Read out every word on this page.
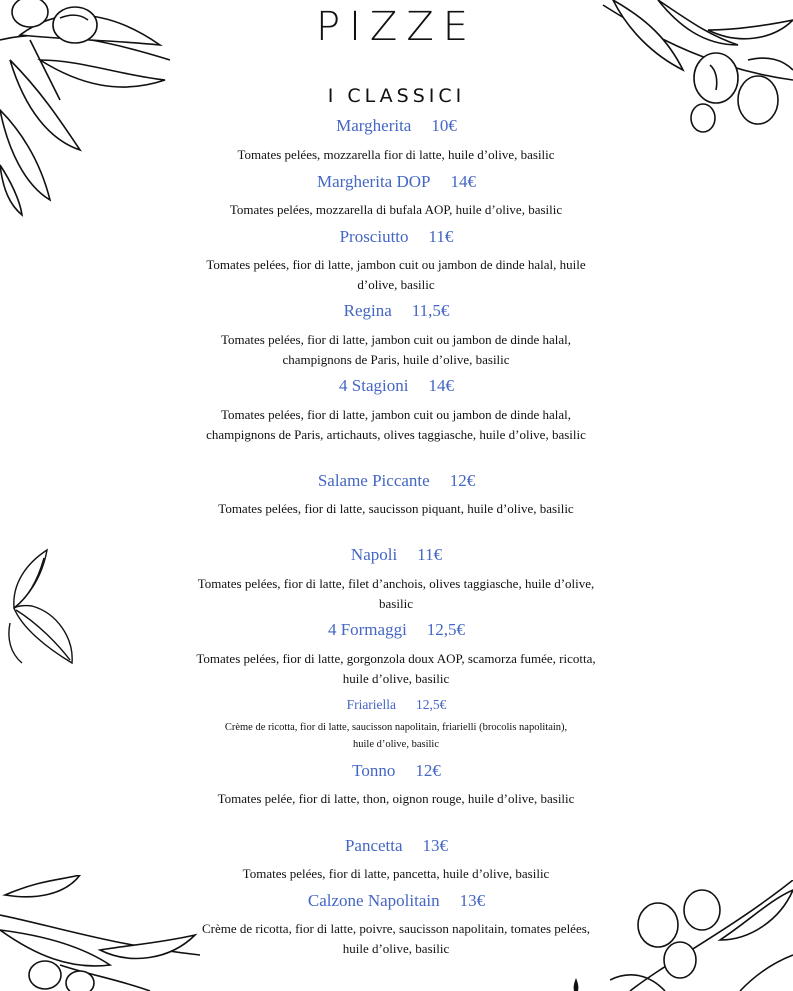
PIZZE
I CLASSICI
Margherita 10€
Tomates pelées, mozzarella fior di latte, huile d’olive, basilic
Margherita DOP 14€
Tomates pelées, mozzarella di bufala AOP, huile d’olive, basilic
Prosciutto 11€
Tomates pelées, fior di latte, jambon cuit ou jambon de dinde halal, huile d’olive, basilic
Regina 11,5€
Tomates pelées, fior di latte, jambon cuit ou jambon de dinde halal, champignons de Paris, huile d’olive, basilic
4 Stagioni 14€
Tomates pelées, fior di latte, jambon cuit ou jambon de dinde halal, champignons de Paris, artichauts, olives taggiasche, huile d’olive, basilic
Salame Piccante 12€
Tomates pelées, fior di latte, saucisson piquant, huile d’olive, basilic
Napoli 11€
Tomates pelées, fior di latte, filet d’anchois, olives taggiasche, huile d’olive, basilic
4 Formaggi 12,5€
Tomates pelées, fior di latte, gorgonzola doux AOP, scamorza fumée, ricotta, huile d’olive, basilic
Friariella 12,5€
Crème de ricotta, fior di latte, saucisson napolitain, friarielli (brocolis napolitain), huile d’olive, basilic
Tonno 12€
Tomates pelée, fior di latte, thon, oignon rouge, huile d’olive, basilic
Pancetta 13€
Tomates pelées, fior di latte, pancetta, huile d’olive, basilic
Calzone Napolitain 13€
Crème de ricotta, fior di latte, poivre, saucisson napolitain, tomates pelées, huile d’olive, basilic
